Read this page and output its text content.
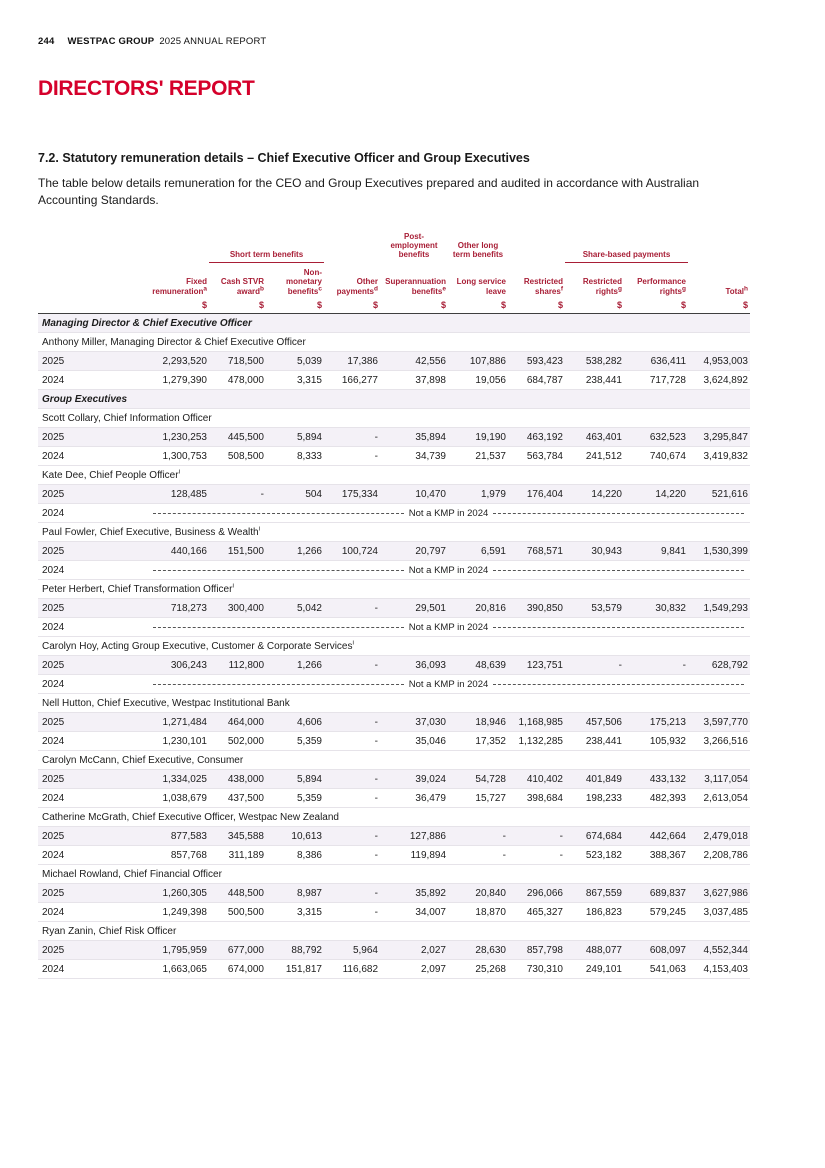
244 WESTPAC GROUP 2025 ANNUAL REPORT
DIRECTORS' REPORT
7.2. Statutory remuneration details – Chief Executive Officer and Group Executives

The table below details remuneration for the CEO and Group Executives prepared and audited in accordance with Australian Accounting Standards.

		Short term benefits			Post-employment benefits	Other long term benefits		Share-based payments		
	Fixed remuneration$^a$	Cash STVR award$^b$	Non-monetary benefits$^c$	Other payments$^d$	Superannuation benefits$^e$	Long service leave	Restricted shares$^f$	Restricted rights$^g$	Performance rights$^g$	Total$^h$
	$	$	$	$	$	$	$	$	$	$
Managing Director & Chief Executive Officer										
Anthony Miller, Managing Director & Chief Executive Officer										
2025	2,293,520	718,500	5,039	17,386	42,556	107,886	593,423	538,282	636,411	4,953,003
2024	1,279,390	478,000	3,315	166,277	37,898	19,056	684,787	238,441	717,728	3,624,892
Group Executives										
Scott Collary, Chief Information Officer										
2025	1,230,253	445,500	5,894	-	35,894	19,190	463,192	463,401	632,523	3,295,847
2024	1,300,753	508,500	8,333	-	34,739	21,537	563,784	241,512	740,674	3,419,832
Kate Dee, Chief People Officer$^i$
2025	128,485	-	504	175,334	10,470	1,979	176,404	14,220	14,220	521,616
2024	Not a KMP in 2024									

Paul Fowler, Chief Executive, Business & Wealth$^i$
2025	440,166	151,500	1,266	100,724	20,797	6,591	768,571	30,943	9,841	1,530,399
2024	Not a KMP in 2024									

Peter Herbert, Chief Transformation Officer$^i$
2025	718,273	300,400	5,042	-	29,501	20,816	390,850	53,579	30,832	1,549,293
2024	Not a KMP in 2024									

Carolyn Hoy, Acting Group Executive, Customer & Corporate Services$^i$
2025	306,243	112,800	1,266	-	36,093	48,639	123,751	-	-	628,792
2024	Not a KMP in 2024									

Nell Hutton, Chief Executive, Westpac Institutional Bank										
2025	1,271,484	464,000	4,606	-	37,030	18,946	1,168,985	457,506	175,213	3,597,770
2024	1,230,101	502,000	5,359	-	35,046	17,352	1,132,285	238,441	105,932	3,266,516
Carolyn McCann, Chief Executive, Consumer										
2025	1,334,025	438,000	5,894	-	39,024	54,728	410,402	401,849	433,132	3,117,054
2024	1,038,679	437,500	5,359	-	36,479	15,727	398,684	198,233	482,393	2,613,054
Catherine McGrath, Chief Executive Officer, Westpac New Zealand										
2025	877,583	345,588	10,613	-	127,886	-	-	674,684	442,664	2,479,018
2024	857,768	311,189	8,386	-	119,894	-	-	523,182	388,367	2,208,786
Michael Rowland, Chief Financial Officer										
2025	1,260,305	448,500	8,987	-	35,892	20,840	296,066	867,559	689,837	3,627,986
2024	1,249,398	500,500	3,315	-	34,007	18,870	465,327	186,823	579,245	3,037,485
Ryan Zanin, Chief Risk Officer										
2025	1,795,959	677,000	88,792	5,964	2,027	28,630	857,798	488,077	608,097	4,552,344
2024	1,663,065	674,000	151,817	116,682	2,097	25,268	730,310	249,101	541,063	4,153,403
